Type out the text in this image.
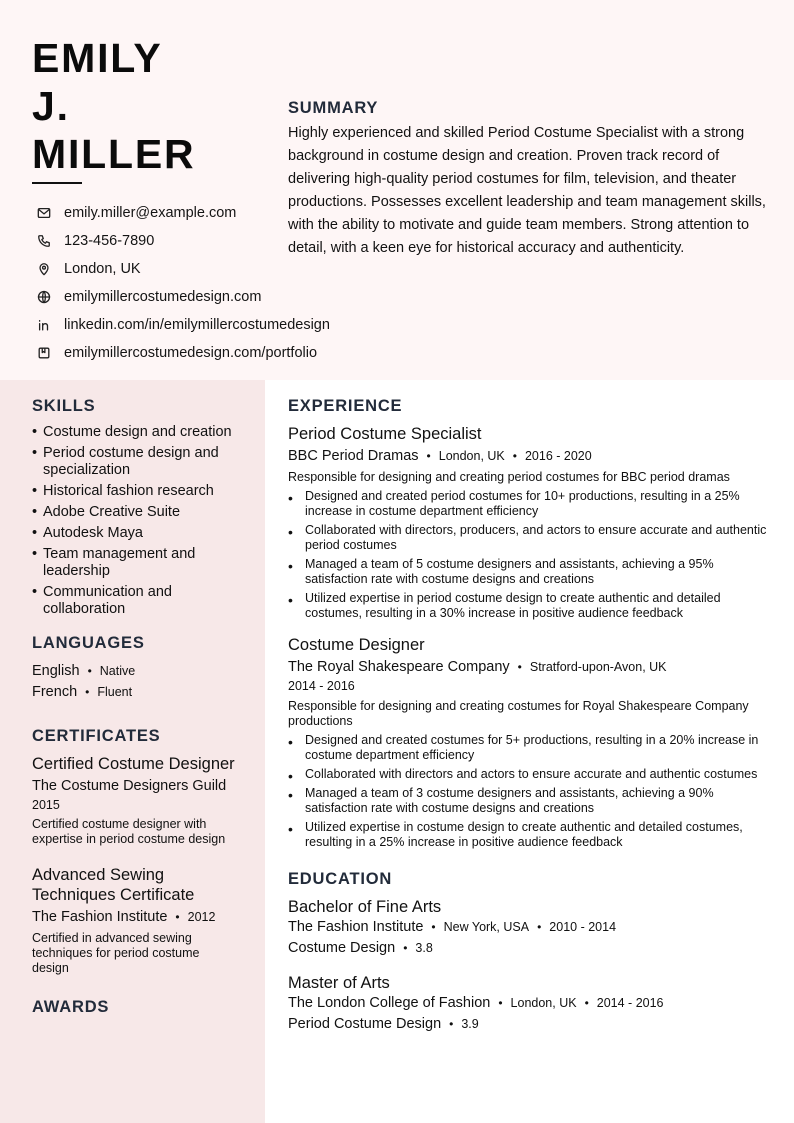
EMILY
J.
MILLER
emily.miller@example.com
123-456-7890
London, UK
emilymillercostumedesign.com
linkedin.com/in/emilymillercostumedesign
emilymillercostumedesign.com/portfolio
SUMMARY

Highly experienced and skilled Period Costume Specialist with a strong background in costume design and creation. Proven track record of delivering high-quality period costumes for film, television, and theater productions. Possesses excellent leadership and team management skills, with the ability to motivate and guide team members. Strong attention to detail, with a keen eye for historical accuracy and authenticity.

SKILLS
• Costume design and creation
• Period costume design and specialization
• Historical fashion research
• Adobe Creative Suite
• Autodesk Maya
• Team management and leadership
• Communication and collaboration
LANGUAGES
English • Native
French • Fluent
CERTIFICATES
Certified Costume Designer
The Costume Designers Guild
2015
Certified costume designer with expertise in period costume design
Advanced Sewing Techniques Certificate
The Fashion Institute • 2012
Certified in advanced sewing techniques for period costume design
AWARDS
EXPERIENCE
Period Costume Specialist
BBC Period Dramas • London, UK • 2016 - 2020
Responsible for designing and creating period costumes for BBC period dramas
• Designed and created period costumes for 10+ productions, resulting in a 25% increase in costume department efficiency
• Collaborated with directors, producers, and actors to ensure accurate and authentic period costumes
• Managed a team of 5 costume designers and assistants, achieving a 95% satisfaction rate with costume designs and creations
• Utilized expertise in period costume design to create authentic and detailed costumes, resulting in a 30% increase in positive audience feedback
Costume Designer
The Royal Shakespeare Company • Stratford-upon-Avon, UK
2014 - 2016
Responsible for designing and creating costumes for Royal Shakespeare Company productions
• Designed and created costumes for 5+ productions, resulting in a 20% increase in costume department efficiency
• Collaborated with directors and actors to ensure accurate and authentic costumes
• Managed a team of 3 costume designers and assistants, achieving a 90% satisfaction rate with costume designs and creations
• Utilized expertise in costume design to create authentic and detailed costumes, resulting in a 25% increase in positive audience feedback
EDUCATION
Bachelor of Fine Arts
The Fashion Institute • New York, USA • 2010 - 2014
Costume Design • 3.8
Master of Arts
The London College of Fashion • London, UK • 2014 - 2016
Period Costume Design • 3.9
